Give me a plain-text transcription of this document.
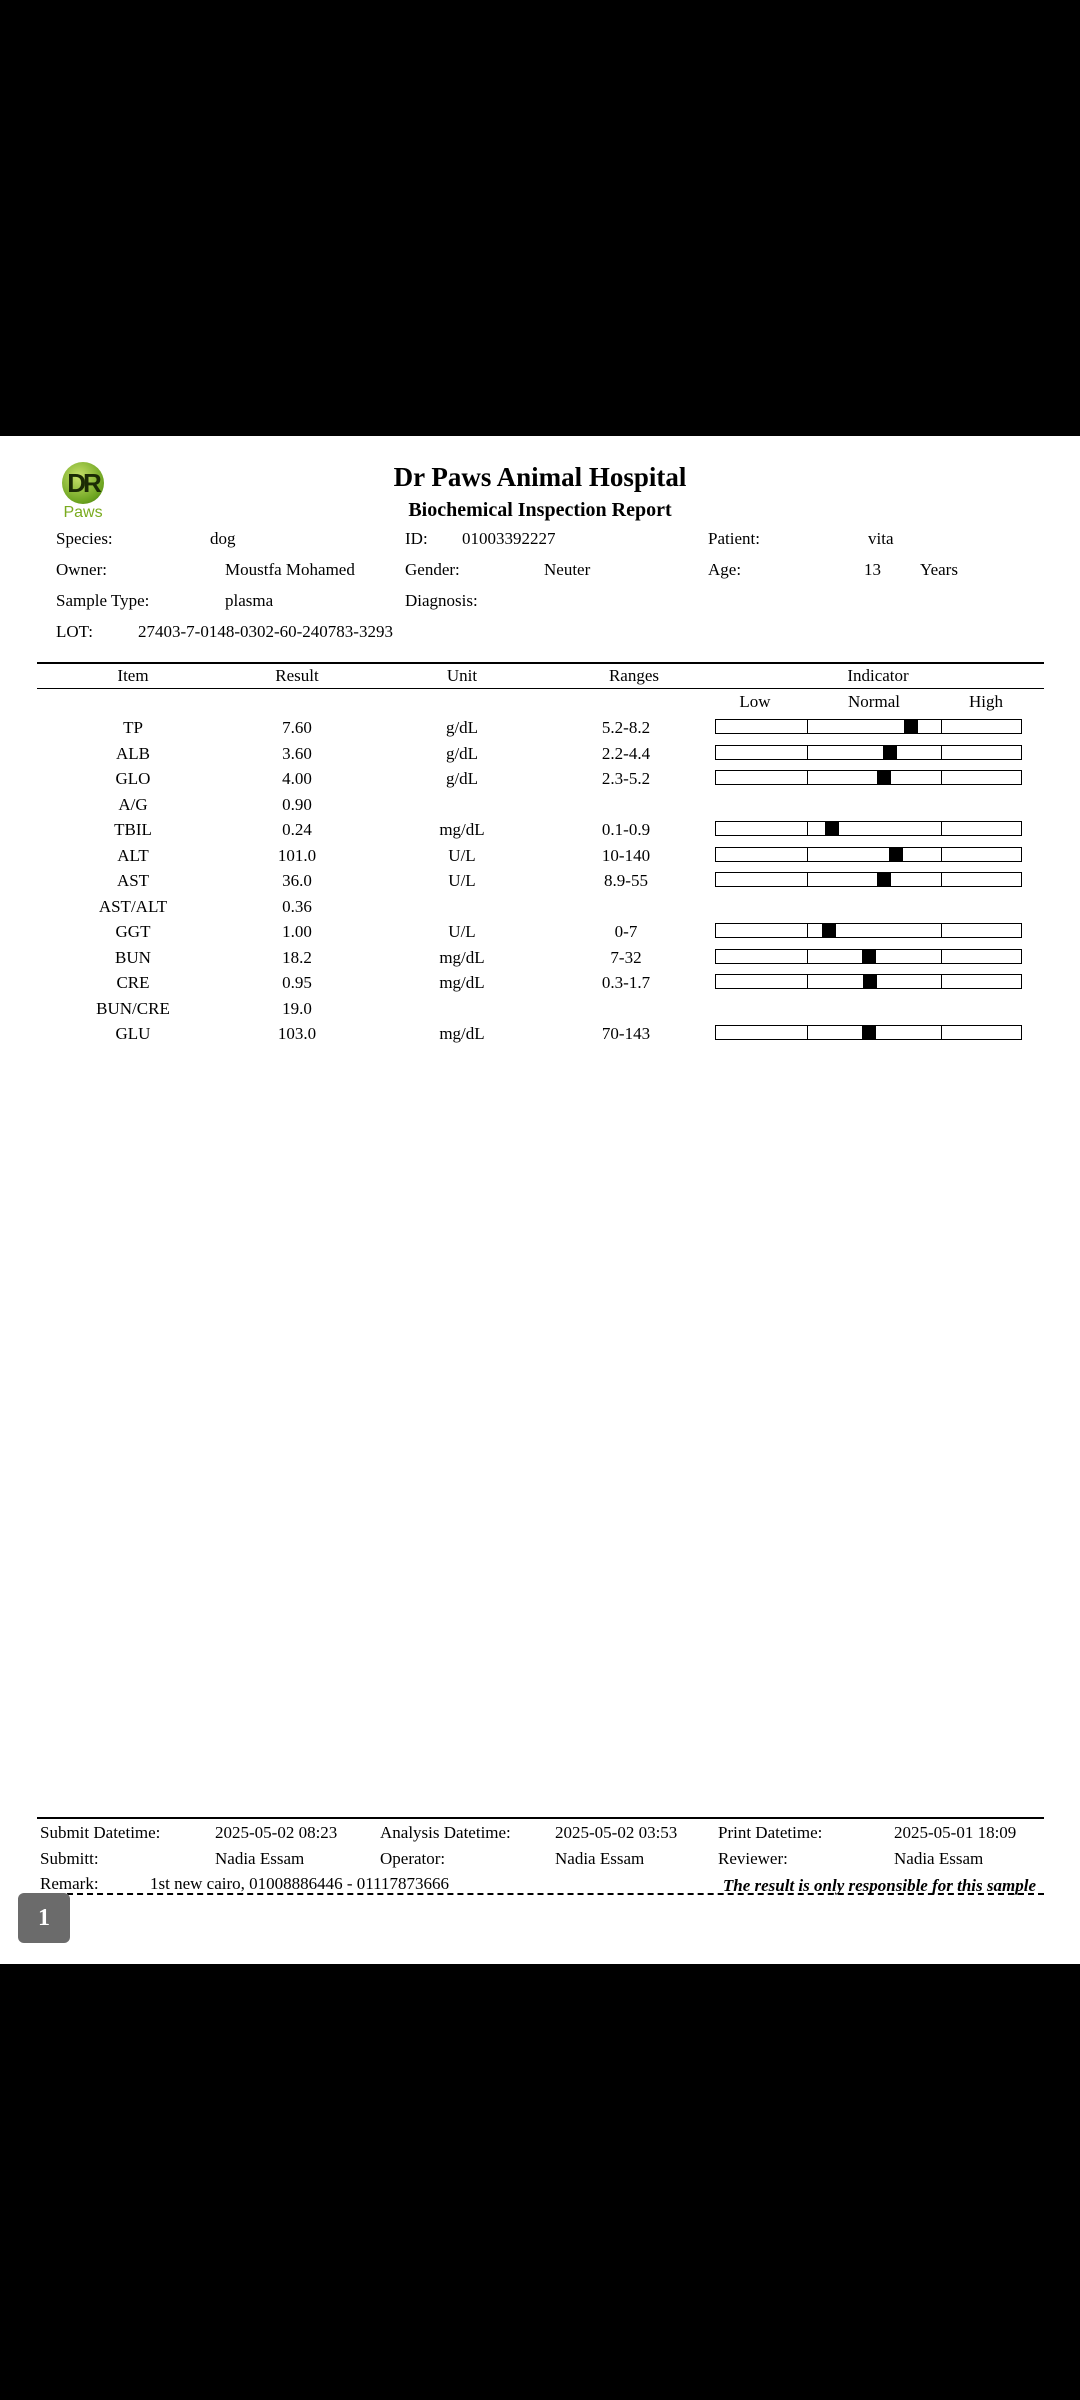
DR
Paws
Dr Paws Animal Hospital
Biochemical Inspection Report
Species:	dog	ID: 01003392227	Patient:	vita
Owner:	Moustfa Mohamed	Gender:	Neuter	Age:	13 Years
Sample Type:	plasma	Diagnosis:
LOT:	27403-7-0148-0302-60-240783-3293
Item	Result	Unit	Ranges	Indicator
Low	Normal	High
TP	7.60	g/dL	5.2-8.2
ALB	3.60	g/dL	2.2-4.4
GLO	4.00	g/dL	2.3-5.2
A/G	0.90
TBIL	0.24	mg/dL	0.1-0.9
ALT	101.0	U/L	10-140
AST	36.0	U/L	8.9-55
AST/ALT	0.36
GGT	1.00	U/L	0-7
BUN	18.2	mg/dL	7-32
CRE	0.95	mg/dL	0.3-1.7
BUN/CRE	19.0
GLU	103.0	mg/dL	70-143
Submit Datetime:	2025-05-02 08:23	Analysis Datetime:	2025-05-02 03:53 Print Datetime:	2025-05-01 18:09
Submitt:	Nadia Essam	Operator:	Nadia Essam	Reviewer:	Nadia Essam
Remark:	1st new cairo, 01008886446 - 01117873666	The result is only responsible for this sample
1
